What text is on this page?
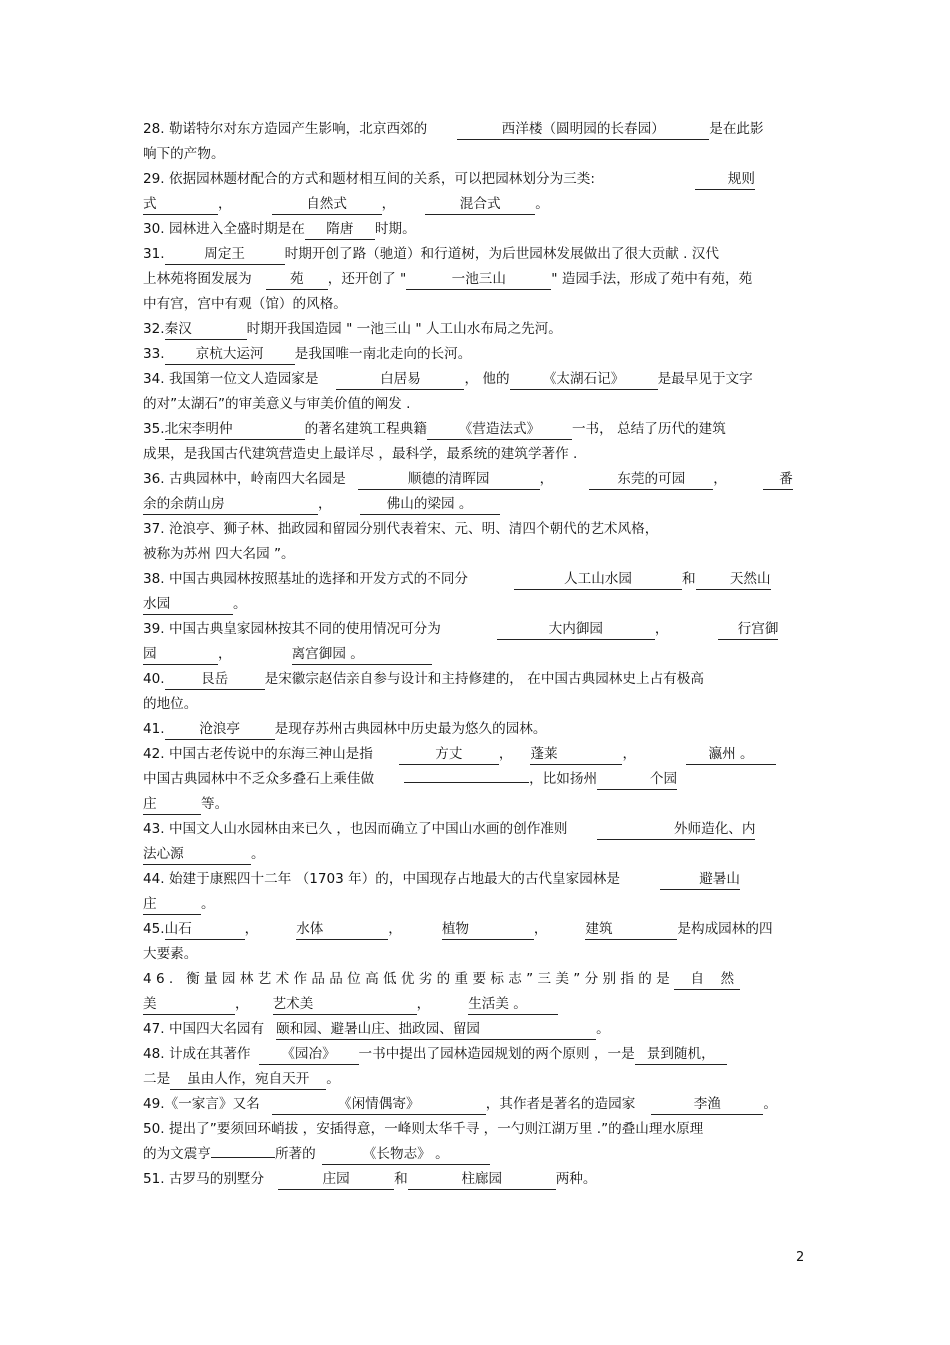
28. 勒诺特尔对东方造园产生影响，北京西郊的	西洋楼（圆明园的长春园）	是在此影
响下的产物。
29. 依据园林题材配合的方式和题材相互间的关系，可以把园林划分为三类:	规则
式	，	自然式	，	混合式	。
30. 园林进入全盛时期是在 隋唐 时期。
31.	周定王	时期开创了路（驰道）和行道树，为后世园林发展做出了很大贡献 . 汉代
上林苑将囿发展为	苑 ，还开创了 "	一池三山	" 造园手法，形成了苑中有苑，苑
中有宫，宫中有观（馆）的风格。
32.秦汉	时期开我国造园 " 一池三山 " 人工山水布局之先河。
33. 京杭大运河 是我国唯一南北走向的长河。
34. 我国第一位文人造园家是	白居易	， 他的 《太湖石记》 是最早见于文字
的对”太湖石”的审美意义与审美价值的阐发 .
35.北宋李明仲	的著名建筑工程典籍 《营造法式》 一书， 总结了历代的建筑
成果，是我国古代建筑营造史上最详尽 ，最科学，最系统的建筑学著作 .
36. 古典园林中，岭南四大名园是	顺德的清晖园	，	东莞的可园 ，	番
余的余荫山房	，	佛山的梁园 。
37. 沧浪亭、狮子林、拙政园和留园分别代表着宋、元、明、清四个朝代的艺术风格，
被称为苏州 四大名园 ”。
38. 中国古典园林按照基址的选择和开发方式的不同分	人工山水园	和	天然山
水园	。
39. 中国古典皇家园林按其不同的使用情况可分为	大内御园	，	行宫御
园	，	离宫御园 。
40.	艮岳	是宋徽宗赵佶亲自参与设计和主持修建的， 在中国古典园林史上占有极高
的地位。
41.	沧浪亭	是现存苏州古典园林中历史最为悠久的园林。
42. 中国古老传说中的东海三神山是指	方丈	， 蓬莱	，	瀛州 。
中国古典园林中不乏众多叠石上乘佳做	，比如扬州	个园
庄	等。
43. 中国文人山水园林由来已久 ，也因而确立了中国山水画的创作准则	外师造化、内
法心源	。
44. 始建于康熙四十二年 （1703 年）的，中国现存占地最大的古代皇家园林是	避暑山
庄	。
45.山石	，	水体	，	植物	，	建筑	是构成园林的四
大要素。
46. 衡量园林艺术作品品位高低优劣的重要标志”三美”分别指的是 自 然
美	， 艺术美	，	生活美 。
47. 中国四大名园有 颐和园、避暑山庄、拙政园、留园	。
48. 计成在其著作 《园冶》 一书中提出了园林造园规划的两个原则 ，一是 景到随机，
二是 虽由人作，宛自天开 。
49.《一家言》又名	《闲情偶寄》	，其作者是著名的造园家	李渔	。
50. 提出了”要须回环峭拔 ，安插得意，一峰则太华千寻 ，一勺则江湖万里 .”的叠山理水原理
的为文震亨	所著的	《长物志》 。
51. 古罗马的别墅分	庄园	和	柱廊园	两种。
2
